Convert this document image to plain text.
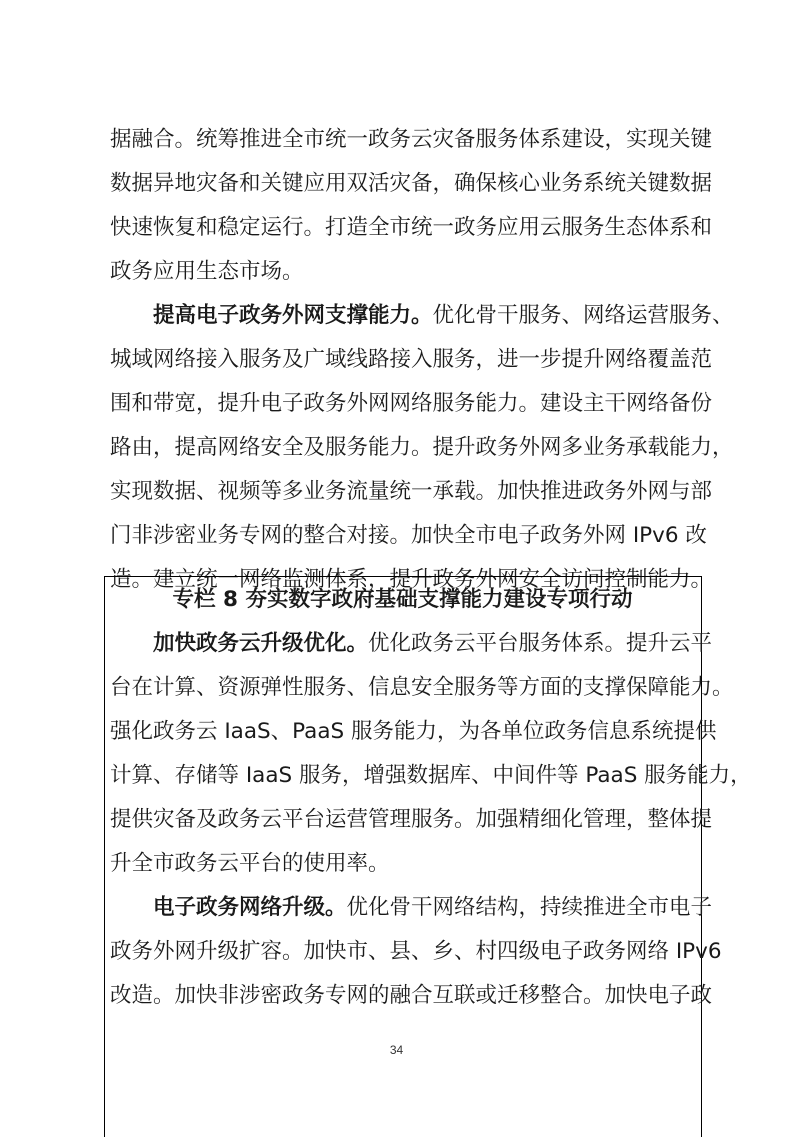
据融合。统筹推进全市统一政务云灾备服务体系建设，实现关键
数据异地灾备和关键应用双活灾备，确保核心业务系统关键数据
快速恢复和稳定运行。打造全市统一政务应用云服务生态体系和
政务应用生态市场。
提高电子政务外网支撑能力。优化骨干服务、网络运营服务、
城域网络接入服务及广域线路接入服务，进一步提升网络覆盖范
围和带宽，提升电子政务外网网络服务能力。建设主干网络备份
路由，提高网络安全及服务能力。提升政务外网多业务承载能力，
实现数据、视频等多业务流量统一承载。加快推进政务外网与部
门非涉密业务专网的整合对接。加快全市电子政务外网 IPv6 改
造。建立统一网络监测体系，提升政务外网安全访问控制能力。
专栏 8 夯实数字政府基础支撑能力建设专项行动
加快政务云升级优化。优化政务云平台服务体系。提升云平
台在计算、资源弹性服务、信息安全服务等方面的支撑保障能力。
强化政务云 IaaS、PaaS 服务能力，为各单位政务信息系统提供
计算、存储等 IaaS 服务，增强数据库、中间件等 PaaS 服务能力，
提供灾备及政务云平台运营管理服务。加强精细化管理，整体提
升全市政务云平台的使用率。
电子政务网络升级。优化骨干网络结构，持续推进全市电子
政务外网升级扩容。加快市、县、乡、村四级电子政务网络 IPv6
改造。加快非涉密政务专网的融合互联或迁移整合。加快电子政
34
